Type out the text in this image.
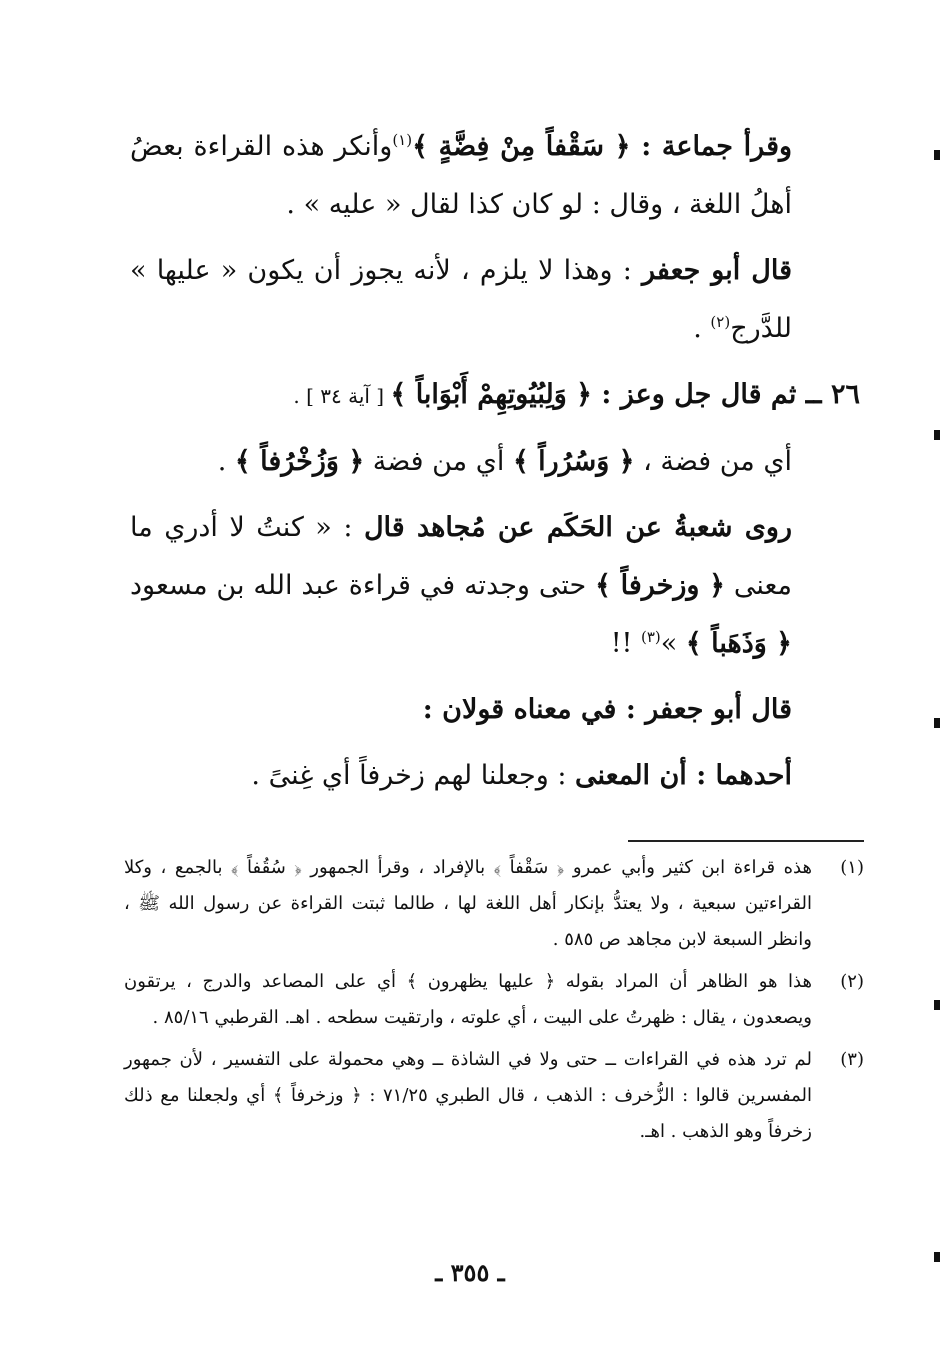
وقرأ جماعة : ﴿ سَقْفاً مِنْ فِضَّةٍ ﴾$^{(١)}$وأنكر هذه القراءة بعضُ أهلُ اللغة ، وقال : لو كان كذا لقال « عليه » .

قال أبو جعفر : وهذا لا يلزم ، لأنه يجوز أن يكون « عليها » للدَّرج$^{(٢)}$ .

٢٦ ــ ثم قال جل وعز : ﴿ وَلِبُيُوتِهِمْ أَبْوَاباً ﴾ [ آية ٣٤ ] .

أي من فضة ، ﴿ وَسُرُراً ﴾ أي من فضة ﴿ وَزُخْرُفاً ﴾ .

روى شعبةُ عن الحَكَم عن مُجاهد قال : « كنتُ لا أدري ما معنى ﴿ وزخرفاً ﴾ حتى وجدته في قراءة عبد الله بن مسعود ﴿ وَذَهَباً ﴾ »$^{(٣)}$ !!

قال أبو جعفر : في معناه قولان :

أحدهما : أن المعنى : وجعلنا لهم زخرفاً أي غِنىً .

(١)
هذه قراءة ابن كثير وأبي عمرو ﴿ سَقْفاً ﴾ بالإفراد ، وقرأ الجمهور ﴿ سُقُفاً ﴾ بالجمع ، وكلا القراءتين سبعية ، ولا يعتدُّ بإنكار أهل اللغة لها ، طالما ثبتت القراءة عن رسول الله ﷺ ، وانظر السبعة لابن مجاهد ص ٥٨٥ .

(٢)
هذا هو الظاهر أن المراد بقوله ﴿ عليها يظهرون ﴾ أي على المصاعد والدرج ، يرتقون ويصعدون ، يقال : ظهرتُ على البيت ، أي علوته ، وارتقيت سطحه . اهـ. القرطبي ٨٥/١٦ .

(٣)
لم ترد هذه في القراءات ــ حتى ولا في الشاذة ــ وهي محمولة على التفسير ، لأن جمهور المفسرين قالوا : الزُّخرف : الذهب ، قال الطبري ٧١/٢٥ : ﴿ وزخرفاً ﴾ أي ولجعلنا مع ذلك زخرفاً وهو الذهب . اهـ.

ـ ٣٥٥ ـ
